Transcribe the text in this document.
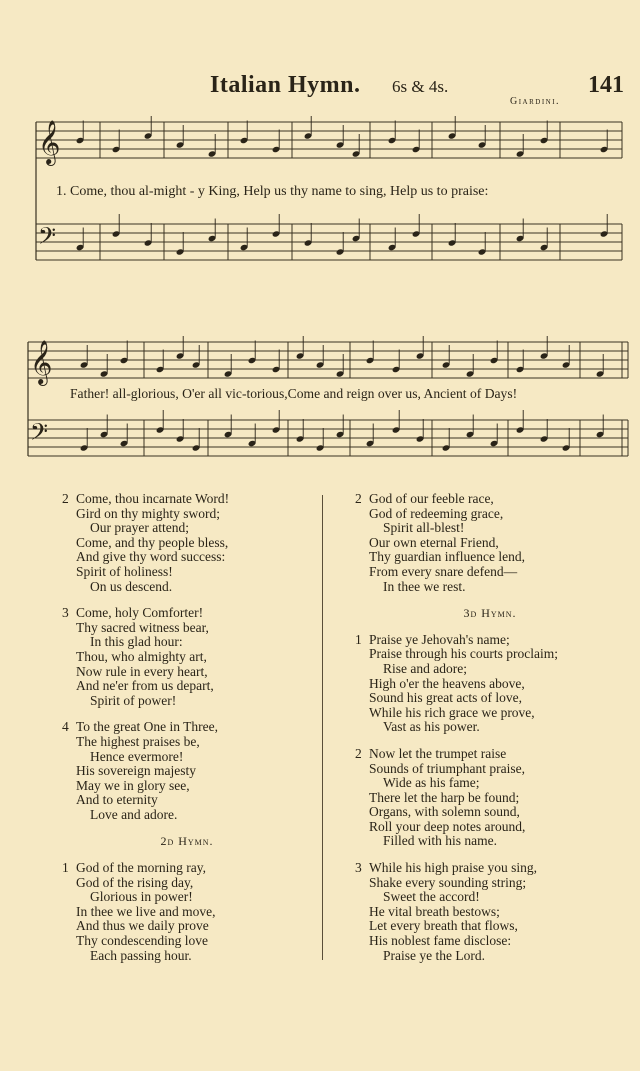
Italian Hymn. 6s & 4s.	141
Giardini.
𝄞
𝄢
𝄞
𝄢
1. Come, thou al-might - y King, Help us thy name to sing, Help us to praise:
Father! all-glorious, O'er all vic-torious,Come and reign over us, Ancient of Days!
2 Come, thou incarnate Word!
Gird on thy mighty sword;
Our prayer attend;
Come, and thy people bless,
And give thy word success:
Spirit of holiness!
On us descend.
3 Come, holy Comforter!
Thy sacred witness bear,
In this glad hour:
Thou, who almighty art,
Now rule in every heart,
And ne'er from us depart,
Spirit of power!
4 To the great One in Three,
The highest praises be,
Hence evermore!
His sovereign majesty
May we in glory see,
And to eternity
Love and adore.
2d Hymn.
1 God of the morning ray,
God of the rising day,
Glorious in power!
In thee we live and move,
And thus we daily prove
Thy condescending love
Each passing hour.
2 God of our feeble race,
God of redeeming grace,
Spirit all-blest!
Our own eternal Friend,
Thy guardian influence lend,
From every snare defend—
In thee we rest.
3d Hymn.
1 Praise ye Jehovah's name;
Praise through his courts proclaim;
Rise and adore;
High o'er the heavens above,
Sound his great acts of love,
While his rich grace we prove,
Vast as his power.
2 Now let the trumpet raise
Sounds of triumphant praise,
Wide as his fame;
There let the harp be found;
Organs, with solemn sound,
Roll your deep notes around,
Filled with his name.
3 While his high praise you sing,
Shake every sounding string;
Sweet the accord!
He vital breath bestows;
Let every breath that flows,
His noblest fame disclose:
Praise ye the Lord.
